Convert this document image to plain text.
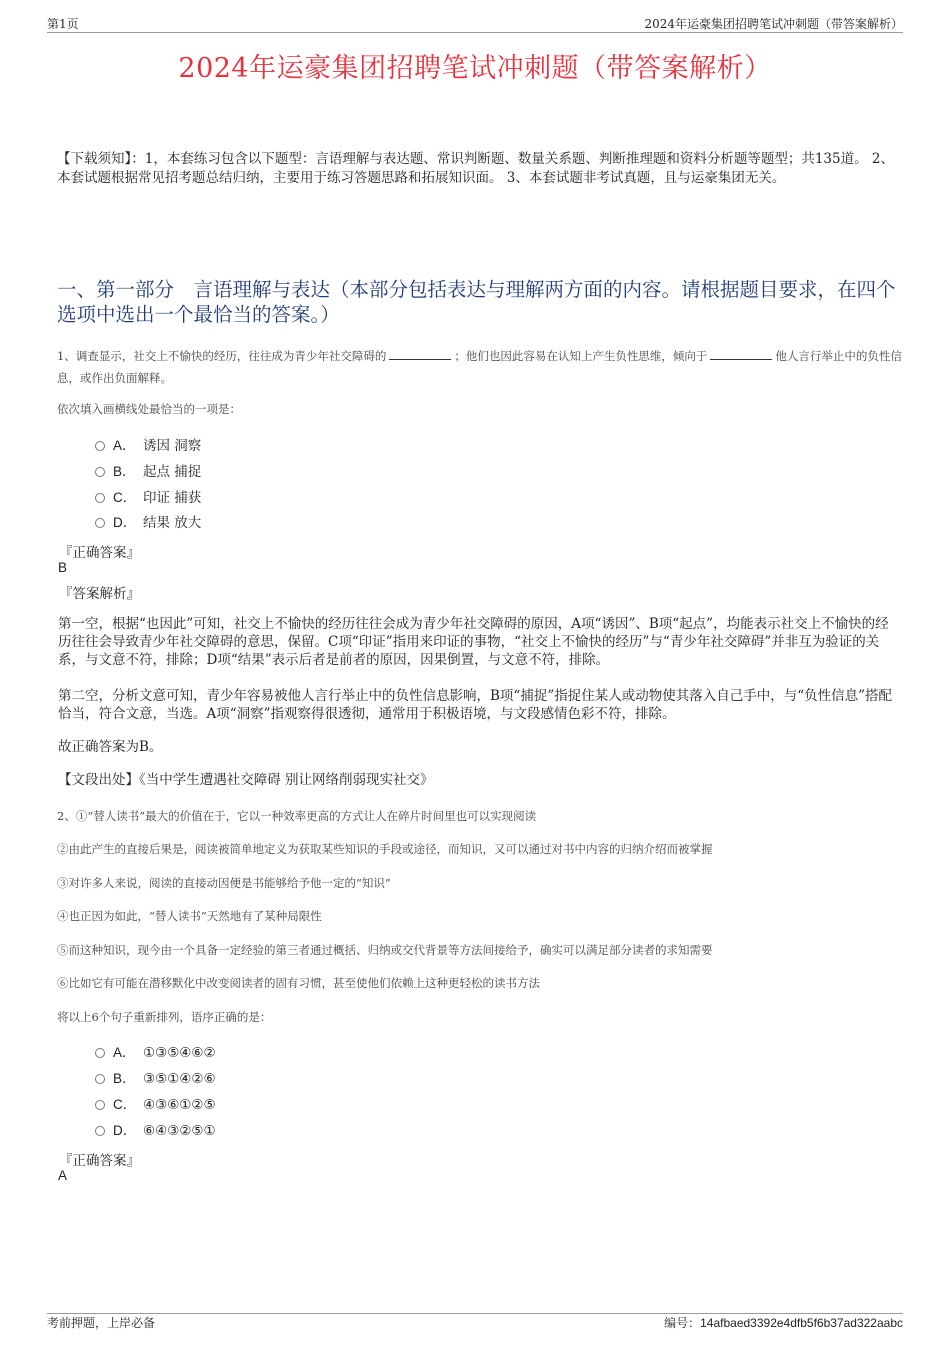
第1页	2024年运豪集团招聘笔试冲刺题（带答案解析）
2024年运豪集团招聘笔试冲刺题（带答案解析）
【下载须知】：1，本套练习包含以下题型：言语理解与表达题、常识判断题、数量关系题、判断推理题和资料分析题等题型；共135道。 2、本套试题根据常见招考题总结归纳，主要用于练习答题思路和拓展知识面。 3、本套试题非考试真题，且与运豪集团无关。
一、第一部分　言语理解与表达（本部分包括表达与理解两方面的内容。请根据题目要求，在四个选项中选出一个最恰当的答案。）
1、调查显示，社交上不愉快的经历，往往成为青少年社交障碍的	；他们也因此容易在认知上产生负性思维，倾向于	他人言行举止中的负性信息，或作出负面解释。
依次填入画横线处最恰当的一项是：
A． 诱因 洞察
B． 起点 捕捉
C． 印证 捕获
D． 结果 放大
『正确答案』
B
『答案解析』
第一空，根据“也因此”可知，社交上不愉快的经历往往会成为青少年社交障碍的原因，A项“诱因”、B项“起点”，均能表示社交上不愉快的经历往往会导致青少年社交障碍的意思，保留。C项“印证”指用来印证的事物，“社交上不愉快的经历”与“青少年社交障碍”并非互为验证的关系，与文意不符，排除；D项“结果”表示后者是前者的原因，因果倒置，与文意不符，排除。
第二空，分析文意可知，青少年容易被他人言行举止中的负性信息影响，B项“捕捉”指捉住某人或动物使其落入自己手中，与“负性信息”搭配恰当，符合文意，当选。A项“洞察”指观察得很透彻，通常用于积极语境，与文段感情色彩不符，排除。
故正确答案为B。
【文段出处】《当中学生遭遇社交障碍 别让网络削弱现实社交》
2、①“替人读书”最大的价值在于，它以一种效率更高的方式让人在碎片时间里也可以实现阅读
②由此产生的直接后果是，阅读被简单地定义为获取某些知识的手段或途径，而知识，又可以通过对书中内容的归纳介绍而被掌握
③对许多人来说，阅读的直接动因便是书能够给予他一定的“知识”
④也正因为如此，“替人读书”天然地有了某种局限性
⑤而这种知识，现今由一个具备一定经验的第三者通过概括、归纳或交代背景等方法间接给予，确实可以满足部分读者的求知需要
⑥比如它有可能在潜移默化中改变阅读者的固有习惯，甚至使他们依赖上这种更轻松的读书方法
将以上6个句子重新排列，语序正确的是：
A． ①③⑤④⑥②
B． ③⑤①④②⑥
C． ④③⑥①②⑤
D． ⑥④③②⑤①
『正确答案』
A
考前押题，上岸必备	编号：14afbaed3392e4dfb5f6b37ad322aabc
